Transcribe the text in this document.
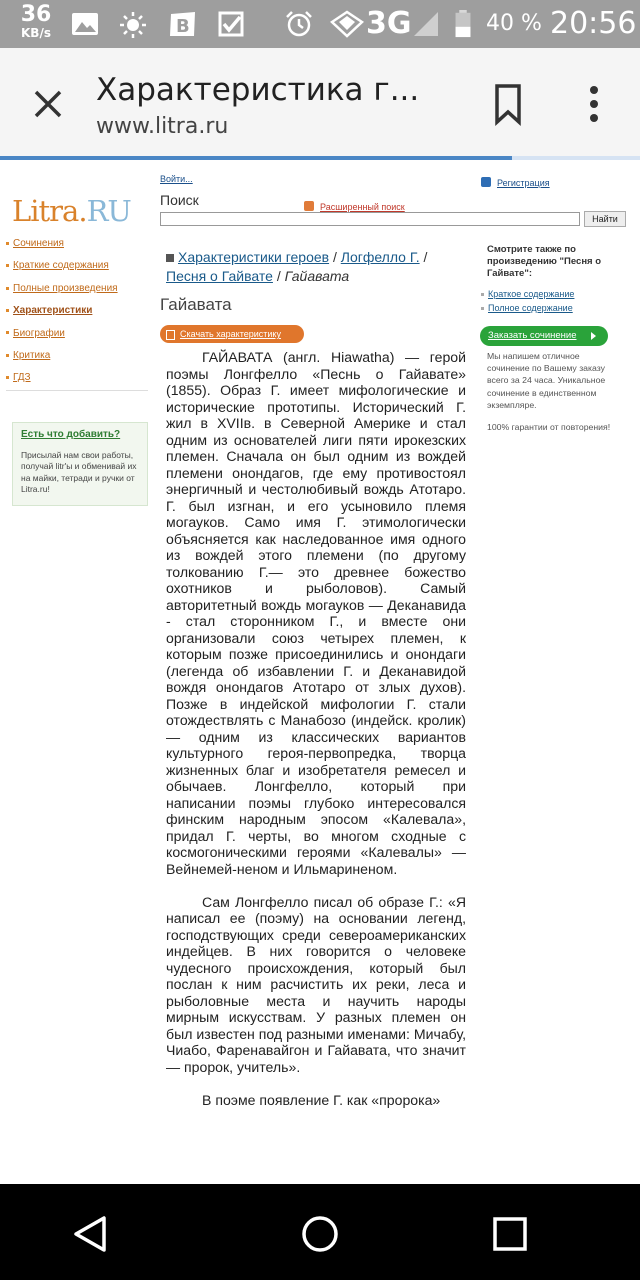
36
KB/s	B	3G	40 % 20:56
Характеристика г...
www.litra.ru
Войти...	Регистрация
Поиск	Расширенный поиск
Найти
Litra.RU
Сочинения
Краткие содержания
Полные произведения
Характеристики
Биографии
Критика
ГДЗ
Есть что добавить?
Присылай нам свои работы, получай litr'ы и обменивай их на майки, тетради и ручки от Litra.ru!
Характеристики героев / Логфелло Г. / Песня о Гайвате / Гайавата
Гайавата
Скачать характеристику

ГАЙАВАТА (англ. Hiawatha) — герой поэмы Лонгфелло «Песнь о Гайавате» (1855). Образ Г. имеет мифологические и исторические прототипы. Исторический Г. жил в XVIIв. в Северной Америке и стал одним из основателей лиги пяти ирокезских племен. Сначала он был одним из вождей племени онондагов, где ему противостоял энергичный и честолюбивый вождь Атотаро. Г. был изгнан, и его усыновило племя могауков. Само имя Г. этимологически объясняется как наследованное имя одного из вождей этого племени (по другому толкованию Г.— это древнее божество охотников и рыболовов). Самый авторитетный вождь могауков — Деканавида - стал сторонником Г., и вместе они организовали союз четырех племен, к которым позже присоединились и онондаги (легенда об избавлении Г. и Деканавидой вождя онондагов Атотаро от злых духов). Позже в индейской мифологии Г. стали отождествлять с Манабозо (индейск. кролик) — одним из классических вариантов культурного героя-первопредка, творца жизненных благ и изобретателя ремесел и обычаев. Лонгфелло, который при написании поэмы глубоко интересовался финским народным эпосом «Калевала», придал Г. черты, во многом сходные с космогоническими героями «Калевалы» — Вейнемей-неном и Ильмариненом.

Сам Лонгфелло писал об образе Г.: «Я написал ее (поэму) на основании легенд, господствующих среди североамериканских индейцев. В них говорится о человеке чудесного происхождения, который был послан к ним расчистить их реки, леса и рыболовные места и научить народы мирным искусствам. У разных племен он был известен под разными именами: Мичабу, Чиабо, Фаренавайгон и Гайавата, что значит — пророк, учитель».

В поэме появление Г. как «пророка»

Смотрите также по произведению "Песня о Гайвате":
Краткое содержание
Полное содержание
Заказать сочинение
Мы напишем отличное сочинение по Вашему заказу всего за 24 часа. Уникальное сочинение в единственном экземпляре.
100% гарантии от повторения!
